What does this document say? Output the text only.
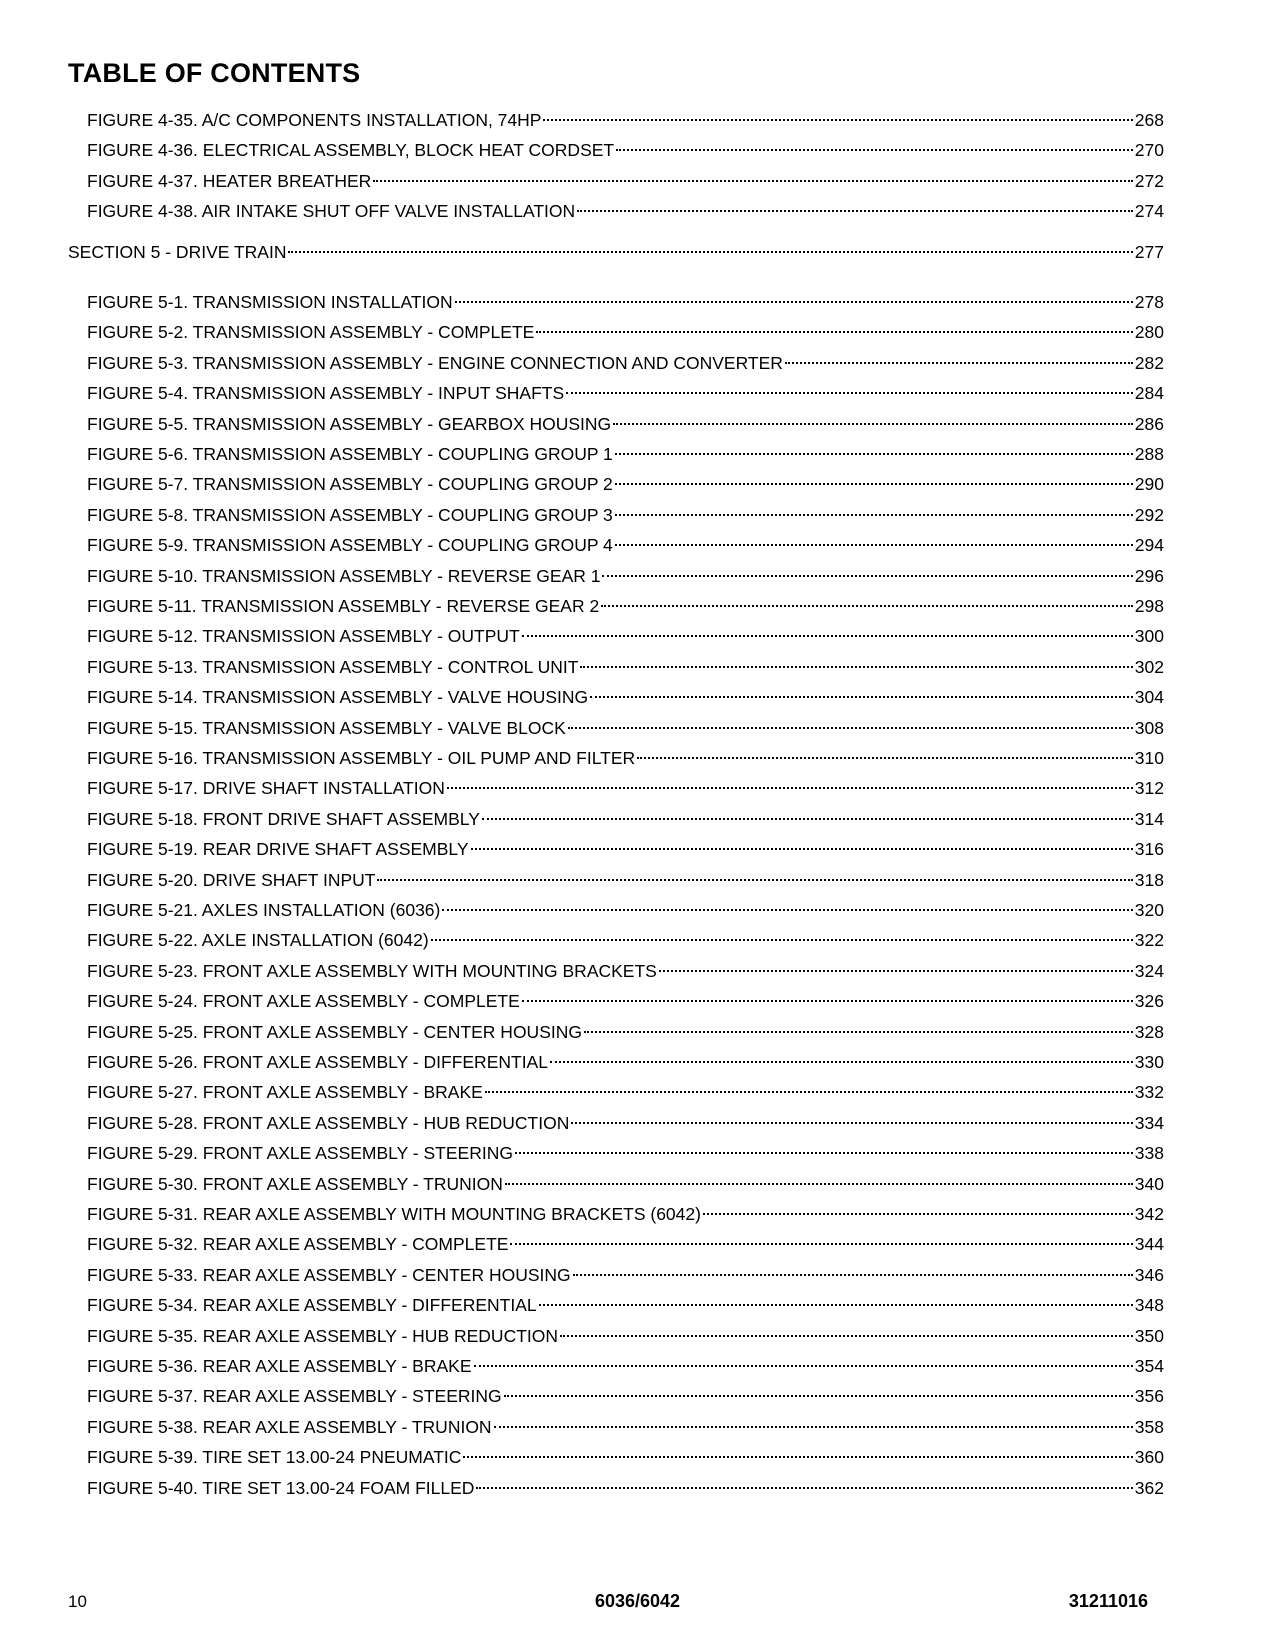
TABLE OF CONTENTS
FIGURE 4-35. A/C COMPONENTS INSTALLATION, 74HP	268
FIGURE 4-36. ELECTRICAL ASSEMBLY, BLOCK HEAT CORDSET	270
FIGURE 4-37. HEATER BREATHER	272
FIGURE 4-38. AIR INTAKE SHUT OFF VALVE INSTALLATION	274
SECTION 5 - DRIVE TRAIN	277
FIGURE 5-1. TRANSMISSION INSTALLATION	278
FIGURE 5-2. TRANSMISSION ASSEMBLY - COMPLETE	280
FIGURE 5-3. TRANSMISSION ASSEMBLY - ENGINE CONNECTION AND CONVERTER	282
FIGURE 5-4. TRANSMISSION ASSEMBLY - INPUT SHAFTS	284
FIGURE 5-5. TRANSMISSION ASSEMBLY - GEARBOX HOUSING	286
FIGURE 5-6. TRANSMISSION ASSEMBLY - COUPLING GROUP 1	288
FIGURE 5-7. TRANSMISSION ASSEMBLY - COUPLING GROUP 2	290
FIGURE 5-8. TRANSMISSION ASSEMBLY - COUPLING GROUP 3	292
FIGURE 5-9. TRANSMISSION ASSEMBLY - COUPLING GROUP 4	294
FIGURE 5-10. TRANSMISSION ASSEMBLY - REVERSE GEAR 1	296
FIGURE 5-11. TRANSMISSION ASSEMBLY - REVERSE GEAR 2	298
FIGURE 5-12. TRANSMISSION ASSEMBLY - OUTPUT	300
FIGURE 5-13. TRANSMISSION ASSEMBLY - CONTROL UNIT	302
FIGURE 5-14. TRANSMISSION ASSEMBLY - VALVE HOUSING	304
FIGURE 5-15. TRANSMISSION ASSEMBLY - VALVE BLOCK	308
FIGURE 5-16. TRANSMISSION ASSEMBLY - OIL PUMP AND FILTER	310
FIGURE 5-17. DRIVE SHAFT INSTALLATION	312
FIGURE 5-18. FRONT DRIVE SHAFT ASSEMBLY	314
FIGURE 5-19. REAR DRIVE SHAFT ASSEMBLY	316
FIGURE 5-20. DRIVE SHAFT INPUT	318
FIGURE 5-21. AXLES INSTALLATION (6036)	320
FIGURE 5-22. AXLE INSTALLATION (6042)	322
FIGURE 5-23. FRONT AXLE ASSEMBLY WITH MOUNTING BRACKETS	324
FIGURE 5-24. FRONT AXLE ASSEMBLY - COMPLETE	326
FIGURE 5-25. FRONT AXLE ASSEMBLY - CENTER HOUSING	328
FIGURE 5-26. FRONT AXLE ASSEMBLY - DIFFERENTIAL	330
FIGURE 5-27. FRONT AXLE ASSEMBLY - BRAKE	332
FIGURE 5-28. FRONT AXLE ASSEMBLY - HUB REDUCTION	334
FIGURE 5-29. FRONT AXLE ASSEMBLY - STEERING	338
FIGURE 5-30. FRONT AXLE ASSEMBLY - TRUNION	340
FIGURE 5-31. REAR AXLE ASSEMBLY WITH MOUNTING BRACKETS (6042)	342
FIGURE 5-32. REAR AXLE ASSEMBLY - COMPLETE	344
FIGURE 5-33. REAR AXLE ASSEMBLY - CENTER HOUSING	346
FIGURE 5-34. REAR AXLE ASSEMBLY - DIFFERENTIAL	348
FIGURE 5-35. REAR AXLE ASSEMBLY - HUB REDUCTION	350
FIGURE 5-36. REAR AXLE ASSEMBLY - BRAKE	354
FIGURE 5-37. REAR AXLE ASSEMBLY - STEERING	356
FIGURE 5-38. REAR AXLE ASSEMBLY - TRUNION	358
FIGURE 5-39. TIRE SET 13.00-24 PNEUMATIC	360
FIGURE 5-40. TIRE SET 13.00-24 FOAM FILLED	362
10	6036/6042	31211016
